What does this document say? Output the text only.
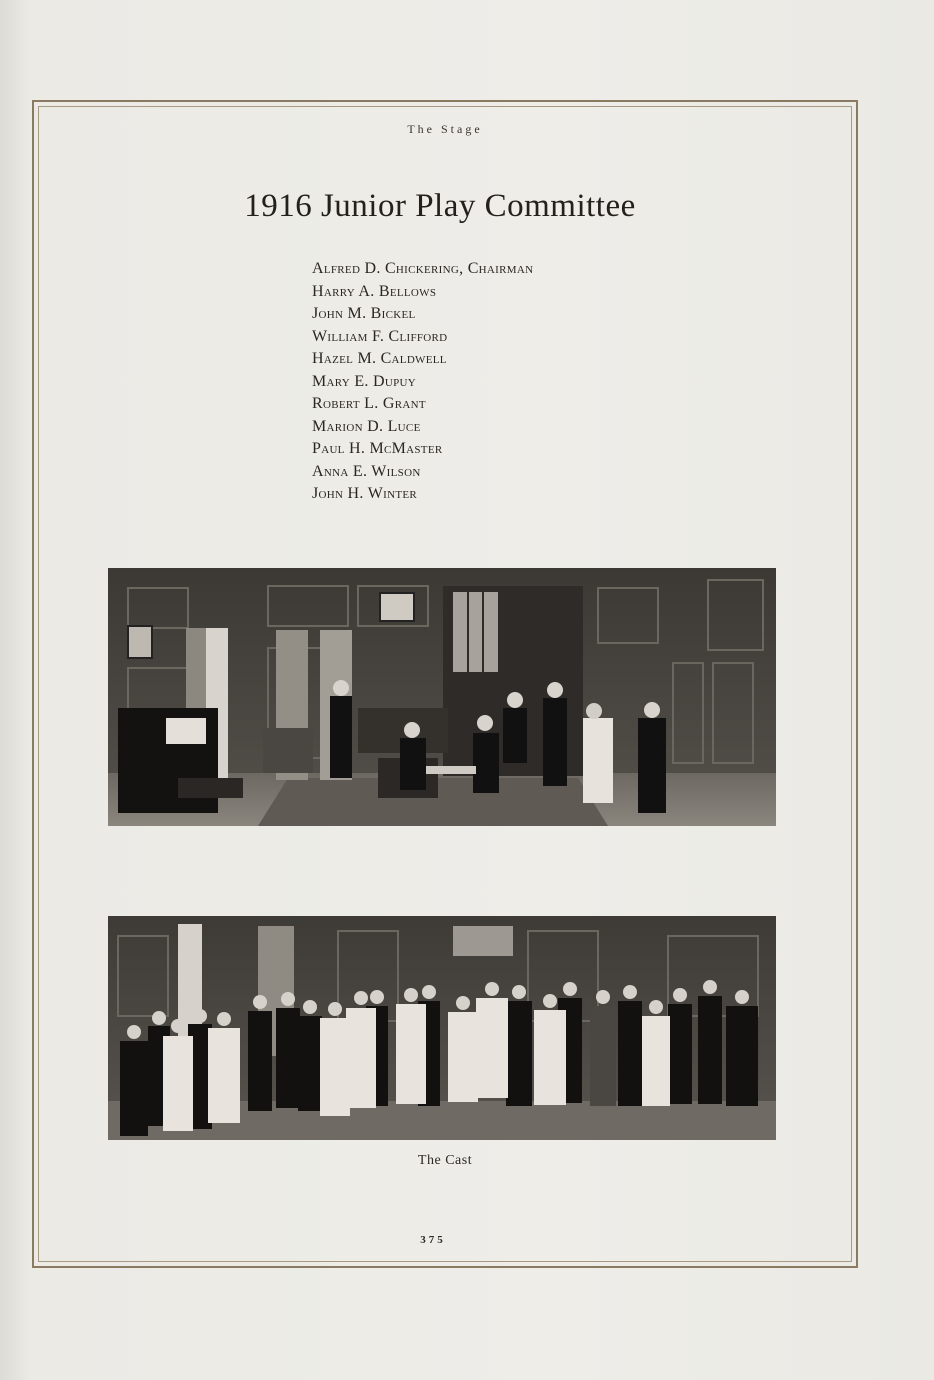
The Stage
1916 Junior Play Committee
Alfred D. Chickering, Chairman
Harry A. Bellows
John M. Bickel
William F. Clifford
Hazel M. Caldwell
Mary E. Dupuy
Robert L. Grant
Marion D. Luce
Paul H. McMaster
Anna E. Wilson
John H. Winter
The Cast
375
